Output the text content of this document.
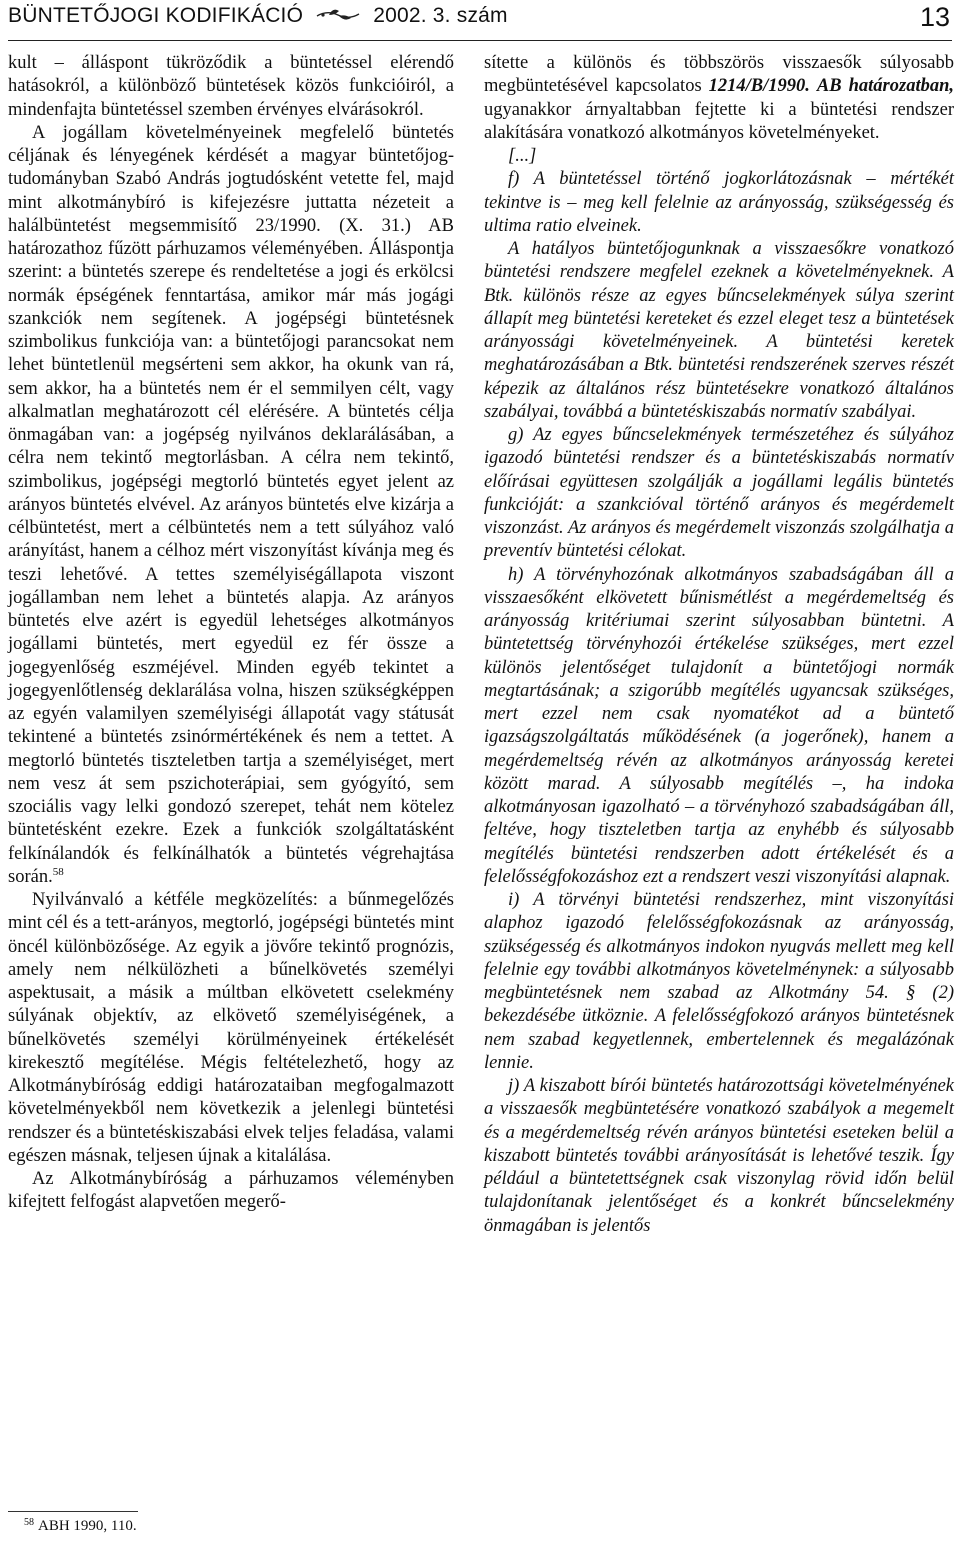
BÜNTETŐJOGI KODIFIKÁCIÓ	2002. 3. szám	13

kult – álláspont tükröződik a büntetéssel elérendő hatásokról, a különböző büntetések közös funkcióiról, a mindenfajta büntetéssel szemben érvényes elvárásokról.

A jogállam követelményeinek megfelelő büntetés céljának és lényegének kérdését a magyar büntetőjog-tudományban Szabó András jogtudósként vetette fel, majd mint alkotmánybíró is kifejezésre juttatta nézeteit a halálbüntetést megsemmisítő 23/1990. (X. 31.) AB határozathoz fűzött párhuzamos véleményében. Álláspontja szerint: a büntetés szerepe és rendeltetése a jogi és erkölcsi normák épségének fenntartása, amikor már más jogági szankciók nem segítenek. A jogépségi büntetésnek szimbolikus funkciója van: a büntetőjogi parancsokat nem lehet büntetlenül megsérteni sem akkor, ha okunk van rá, sem akkor, ha a büntetés nem ér el semmilyen célt, vagy alkalmatlan meghatározott cél elérésére. A büntetés célja önmagában van: a jogépség nyilvános deklarálásában, a célra nem tekintő megtorlásban. A célra nem tekintő, szimbolikus, jogépségi megtorló büntetés egyet jelent az arányos büntetés elvével. Az arányos büntetés elve kizárja a célbüntetést, mert a célbüntetés nem a tett súlyához való arányítást, hanem a célhoz mért viszonyítást kívánja meg és teszi lehetővé. A tettes személyiségállapota viszont jogállamban nem lehet a büntetés alapja. Az arányos büntetés elve azért is egyedül lehetséges alkotmányos jogállami büntetés, mert egyedül ez fér össze a jogegyenlőség eszméjével. Minden egyéb tekintet a jogegyenlőtlenség deklarálása volna, hiszen szükségképpen az egyén valamilyen személyiségi állapotát vagy státusát tekintené a büntetés zsinórmértékének és nem a tettet. A megtorló büntetés tiszteletben tartja a személyiséget, mert nem vesz át sem pszichoterápiai, sem gyógyító, sem szociális vagy lelki gondozó szerepet, tehát nem kötelez büntetésként ezekre. Ezek a funkciók szolgáltatásként felkínálandók és felkínálhatók a büntetés végrehajtása során.$^{58}$

Nyilvánvaló a kétféle megközelítés: a bűnmegelőzés mint cél és a tett-arányos, megtorló, jogépségi büntetés mint öncél különbözősége. Az egyik a jövőre tekintő prognózis, amely nem nélkülözheti a bűnelkövetés személyi aspektusait, a másik a múltban elkövetett cselekmény súlyának objektív, az elkövető személyiségének, a bűnelkövetés személyi körülményeinek értékelését kirekesztő megítélése. Mégis feltételezhető, hogy az Alkotmánybíróság eddigi határozataiban megfogalmazott követelményekből nem következik a jelenlegi büntetési rendszer és a büntetéskiszabási elvek teljes feladása, valami egészen másnak, teljesen újnak a kitalálása.

Az Alkotmánybíróság a párhuzamos véleményben kifejtett felfogást alapvetően megerő-

sítette a különös és többszörös visszaesők súlyosabb megbüntetésével kapcsolatos 1214/B/1990. AB határozatban, ugyanakkor árnyaltabban fejtette ki a büntetési rendszer alakítására vonatkozó alkotmányos követelményeket.

[...]

f) A büntetéssel történő jogkorlátozásnak – mértékét tekintve is – meg kell felelnie az arányosság, szükségesség és ultima ratio elveinek.

A hatályos büntetőjogunknak a visszaesőkre vonatkozó büntetési rendszere megfelel ezeknek a követelményeknek. A Btk. különös része az egyes bűncselekmények súlya szerint állapít meg büntetési kereteket és ezzel eleget tesz a büntetések arányossági követelményeinek. A büntetési keretek meghatározásában a Btk. büntetési rendszerének szerves részét képezik az általános rész büntetésekre vonatkozó általános szabályai, továbbá a büntetéskiszabás normatív szabályai.

g) Az egyes bűncselekmények természetéhez és súlyához igazodó büntetési rendszer és a büntetéskiszabás normatív előírásai együttesen szolgálják a jogállami legális büntetés funkcióját: a szankcióval történő arányos és megérdemelt viszonzást. Az arányos és megérdemelt viszonzás szolgálhatja a preventív büntetési célokat.

h) A törvényhozónak alkotmányos szabadságában áll a visszaesőként elkövetett bűnismétlést a megérdemeltség és arányosság kritériumai szerint súlyosabban büntetni. A büntetettség törvényhozói értékelése szükséges, mert ezzel különös jelentőséget tulajdonít a büntetőjogi normák megtartásának; a szigorúbb megítélés ugyancsak szükséges, mert ezzel nem csak nyomatékot ad a büntető igazságszolgáltatás működésének (a jogerőnek), hanem a megérdemeltség révén az alkotmányos arányosság keretei között marad. A súlyosabb megítélés –, ha indoka alkotmányosan igazolható – a törvényhozó szabadságában áll, feltéve, hogy tiszteletben tartja az enyhébb és súlyosabb megítélés büntetési rendszerben adott értékelését és a felelősségfokozáshoz ezt a rendszert veszi viszonyítási alapnak.

i) A törvényi büntetési rendszerhez, mint viszonyítási alaphoz igazodó felelősségfokozásnak az arányosság, szükségesség és alkotmányos indokon nyugvás mellett meg kell felelnie egy további alkotmányos követelménynek: a súlyosabb megbüntetésnek nem szabad az Alkotmány 54. § (2) bekezdésébe ütköznie. A felelősségfokozó arányos büntetésnek nem szabad kegyetlennek, embertelennek és megalázónak lennie.

j) A kiszabott bírói büntetés határozottsági követelményének a visszaesők megbüntetésére vonatkozó szabályok a megemelt és a megérdemeltség révén arányos büntetési eseteken belül a kiszabott büntetés további arányosítását is lehetővé teszik. Így például a büntetettségnek csak viszonylag rövid időn belül tulajdonítanak jelentőséget és a konkrét bűncselekmény önmagában is jelentős

$^{58}$ ABH 1990, 110.
